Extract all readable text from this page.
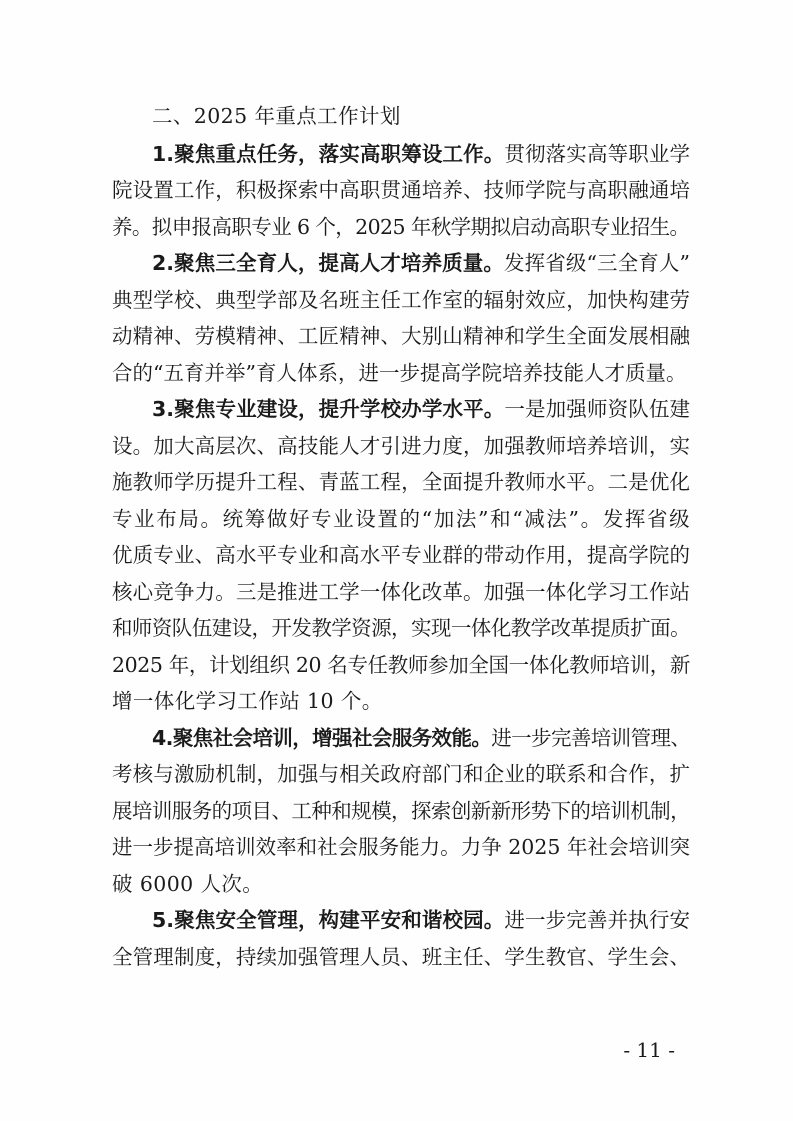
二、2025 年重点工作计划
1.聚焦重点任务，落实高职筹设工作。贯彻落实高等职业学
院设置工作，积极探索中高职贯通培养、技师学院与高职融通培
养。拟申报高职专业 6 个，2025 年秋学期拟启动高职专业招生。
2.聚焦三全育人，提高人才培养质量。发挥省级“三全育人”
典型学校、典型学部及名班主任工作室的辐射效应，加快构建劳
动精神、劳模精神、工匠精神、大别山精神和学生全面发展相融
合的“五育并举”育人体系，进一步提高学院培养技能人才质量。
3.聚焦专业建设，提升学校办学水平。一是加强师资队伍建
设。加大高层次、高技能人才引进力度，加强教师培养培训，实
施教师学历提升工程、青蓝工程，全面提升教师水平。二是优化
专业布局。统筹做好专业设置的“加法”和“减法”。发挥省级
优质专业、高水平专业和高水平专业群的带动作用，提高学院的
核心竞争力。三是推进工学一体化改革。加强一体化学习工作站
和师资队伍建设，开发教学资源，实现一体化教学改革提质扩面。
2025 年，计划组织 20 名专任教师参加全国一体化教师培训，新
增一体化学习工作站 10 个。
4.聚焦社会培训，增强社会服务效能。进一步完善培训管理、
考核与激励机制，加强与相关政府部门和企业的联系和合作，扩
展培训服务的项目、工种和规模，探索创新新形势下的培训机制，
进一步提高培训效率和社会服务能力。力争 2025 年社会培训突
破 6000 人次。
5.聚焦安全管理，构建平安和谐校园。进一步完善并执行安
全管理制度，持续加强管理人员、班主任、学生教官、学生会、
- 11 -
